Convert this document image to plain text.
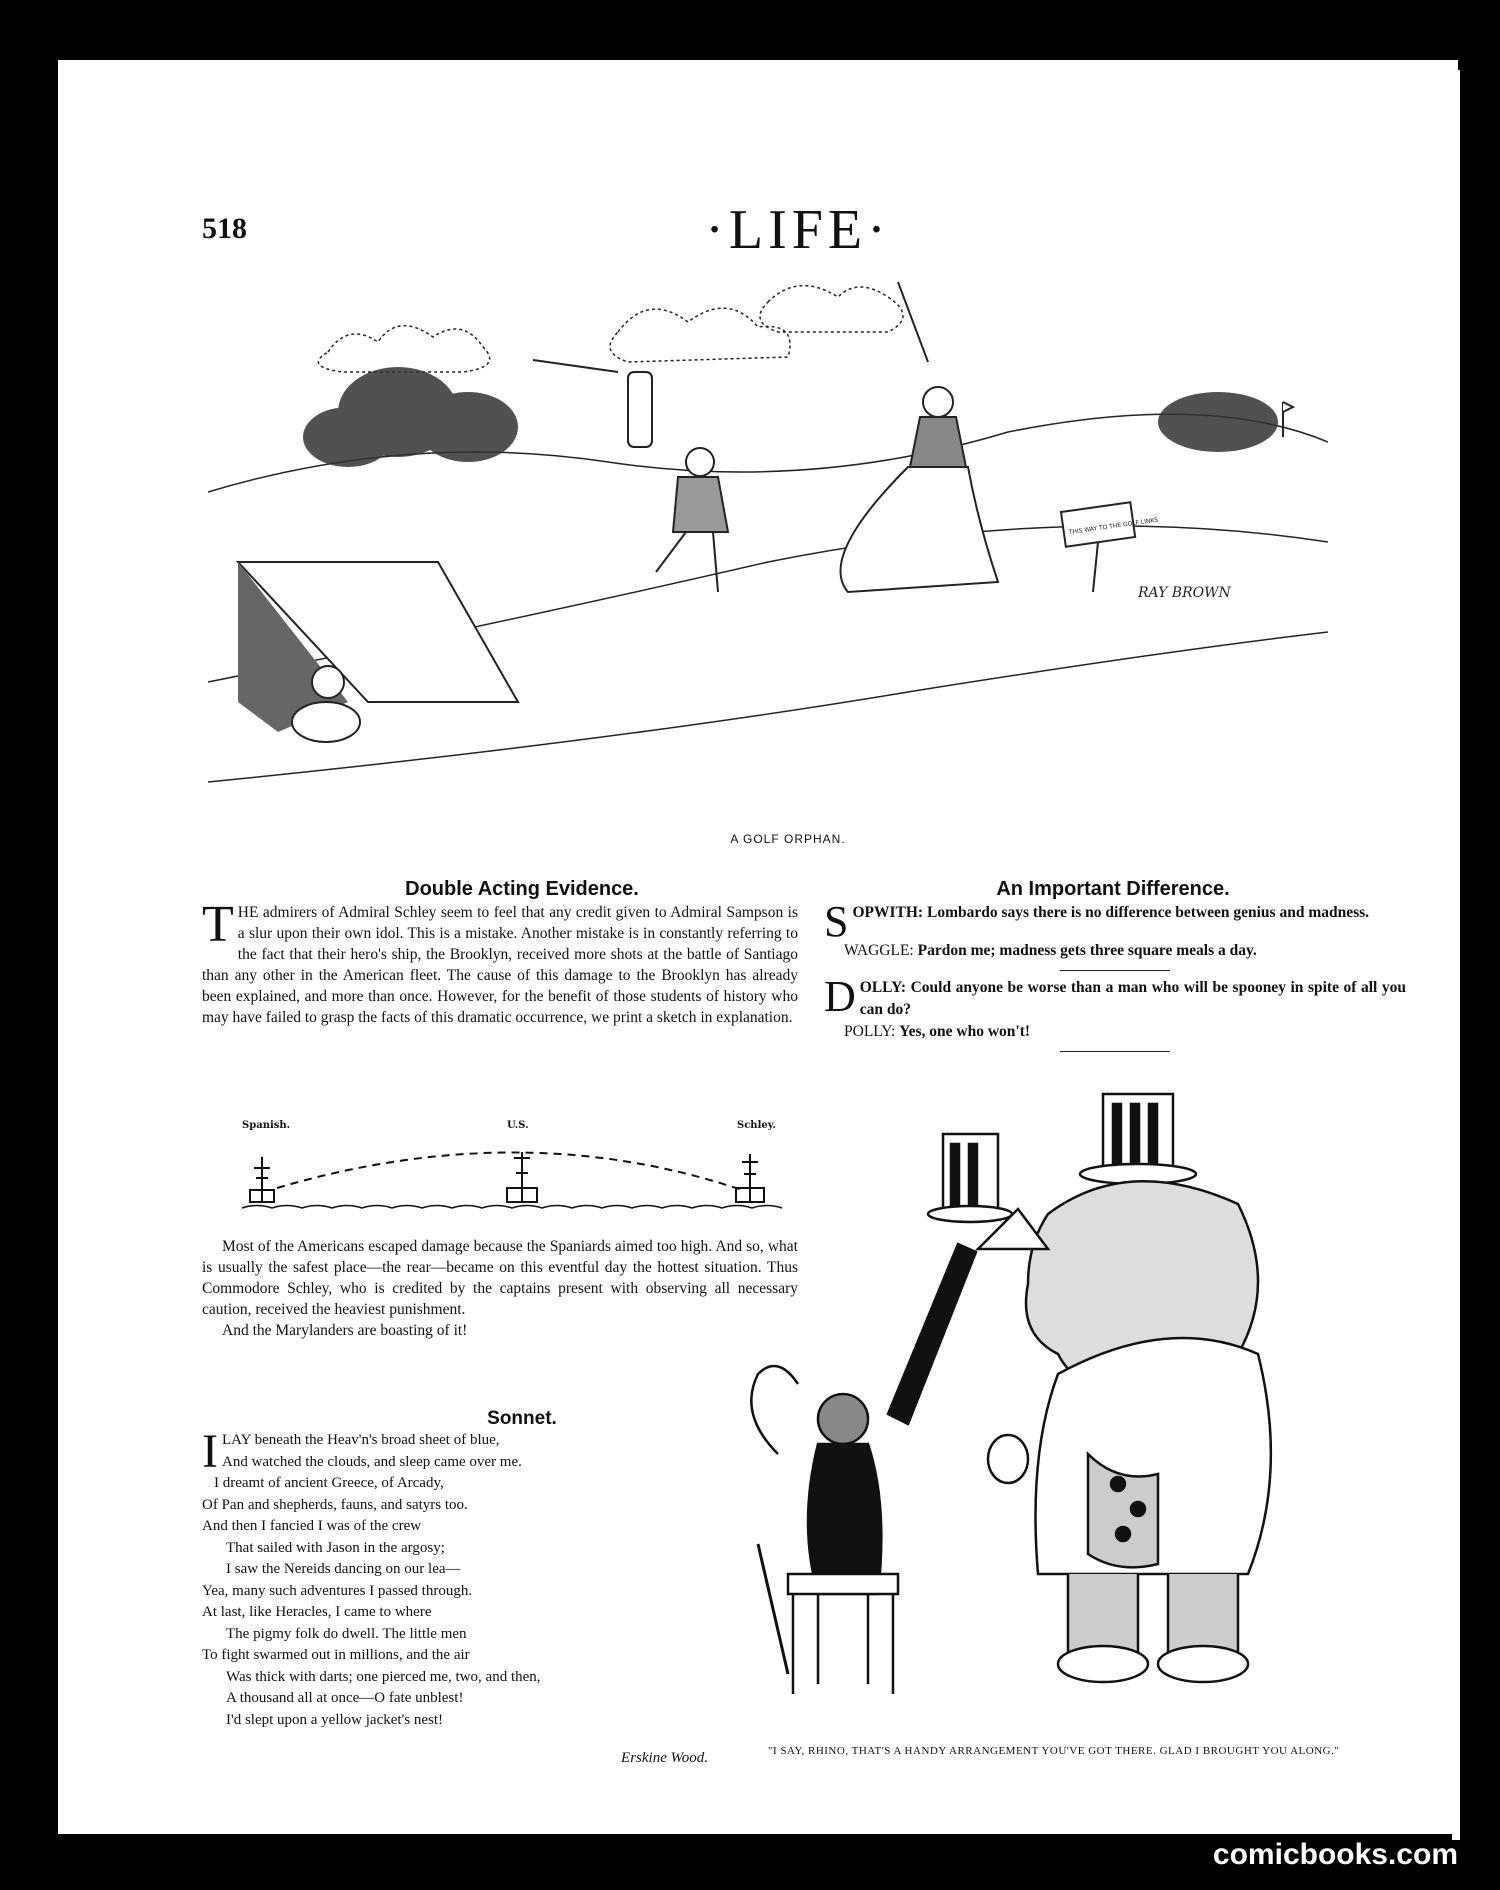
518	·LIFE·
THIS WAY TO THE GOLF LINKS
RAY BROWN
A GOLF ORPHAN.
Double Acting Evidence.
THE admirers of Admiral Schley seem to feel that any credit given to Admiral Sampson is a slur upon their own idol. This is a mistake. Another mistake is in constantly referring to the fact that their hero's ship, the Brooklyn, received more shots at the battle of Santiago than any other in the American fleet. The cause of this damage to the Brooklyn has already been explained, and more than once. However, for the benefit of those students of history who may have failed to grasp the facts of this dramatic occurrence, we print a sketch in explanation.
Spanish.	U.S.	Schley.
Most of the Americans escaped damage because the Spaniards aimed too high. And so, what is usually the safest place—the rear—became on this eventful day the hottest situation. Thus Commodore Schley, who is credited by the captains present with observing all necessary caution, received the heaviest punishment.
And the Marylanders are boasting of it!
Sonnet.
I LAY beneath the Heav'n's broad sheet of blue,
And watched the clouds, and sleep came over me.
I dreamt of ancient Greece, of Arcady,
Of Pan and shepherds, fauns, and satyrs too.
And then I fancied I was of the crew
That sailed with Jason in the argosy;
I saw the Nereids dancing on our lea—
Yea, many such adventures I passed through.
At last, like Heracles, I came to where
The pigmy folk do dwell. The little men
To fight swarmed out in millions, and the air
Was thick with darts; one pierced me, two, and then,
A thousand all at once—O fate unblest!
I'd slept upon a yellow jacket's nest!
Erskine Wood.
An Important Difference.
SOPWITH: Lombardo says there is no difference between genius and madness.
WAGGLE: Pardon me; madness gets three square meals a day.
DOLLY: Could anyone be worse than a man who will be spooney in spite of all you can do?
POLLY: Yes, one who won't!
"I SAY, RHINO, THAT'S A HANDY ARRANGEMENT YOU'VE GOT THERE. GLAD I BROUGHT YOU ALONG."
comicbooks.com
